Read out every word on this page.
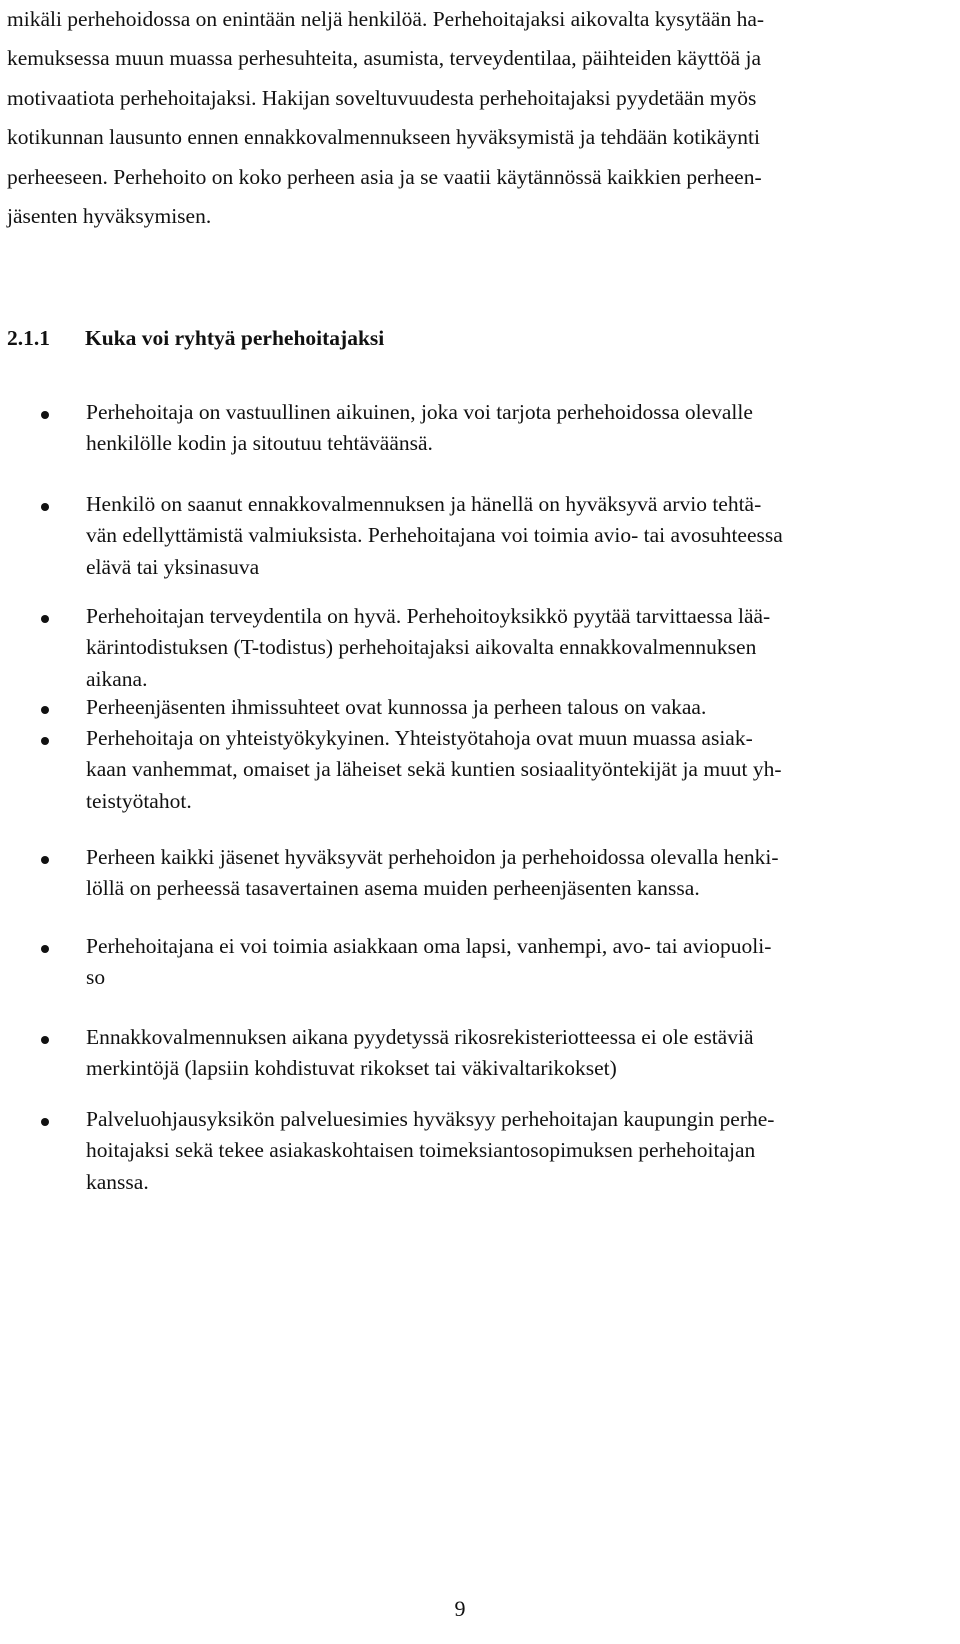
mikäli perhehoidossa on enintään neljä henkilöä. Perhehoitajaksi aikovalta kysytään ha-
kemuksessa muun muassa perhesuhteita, asumista, terveydentilaa, päihteiden käyttöä ja
motivaatiota perhehoitajaksi. Hakijan soveltuvuudesta perhehoitajaksi pyydetään myös
kotikunnan lausunto ennen ennakkovalmennukseen hyväksymistä ja tehdään kotikäynti
perheeseen. Perhehoito on koko perheen asia ja se vaatii käytännössä kaikkien perheen-
jäsenten hyväksymisen.

2.1.1 Kuka voi ryhtyä perhehoitajaksi
Perhehoitaja on vastuullinen aikuinen, joka voi tarjota perhehoidossa olevalle
henkilölle kodin ja sitoutuu tehtäväänsä.
Henkilö on saanut ennakkovalmennuksen ja hänellä on hyväksyvä arvio tehtä-
vän edellyttämistä valmiuksista. Perhehoitajana voi toimia avio- tai avosuhteessa
elävä tai yksinasuva
Perhehoitajan terveydentila on hyvä. Perhehoitoyksikkö pyytää tarvittaessa lää-
kärintodistuksen (T-todistus) perhehoitajaksi aikovalta ennakkovalmennuksen
aikana.
Perheenjäsenten ihmissuhteet ovat kunnossa ja perheen talous on vakaa.
Perhehoitaja on yhteistyökykyinen. Yhteistyötahoja ovat muun muassa asiak-
kaan vanhemmat, omaiset ja läheiset sekä kuntien sosiaalityöntekijät ja muut yh-
teistyötahot.
Perheen kaikki jäsenet hyväksyvät perhehoidon ja perhehoidossa olevalla henki-
löllä on perheessä tasavertainen asema muiden perheenjäsenten kanssa.
Perhehoitajana ei voi toimia asiakkaan oma lapsi, vanhempi, avo- tai aviopuoli-
so
Ennakkovalmennuksen aikana pyydetyssä rikosrekisteriotteessa ei ole estäviä
merkintöjä (lapsiin kohdistuvat rikokset tai väkivaltarikokset)
Palveluohjausyksikön palveluesimies hyväksyy perhehoitajan kaupungin perhe-
hoitajaksi sekä tekee asiakaskohtaisen toimeksiantosopimuksen perhehoitajan
kanssa.
9
